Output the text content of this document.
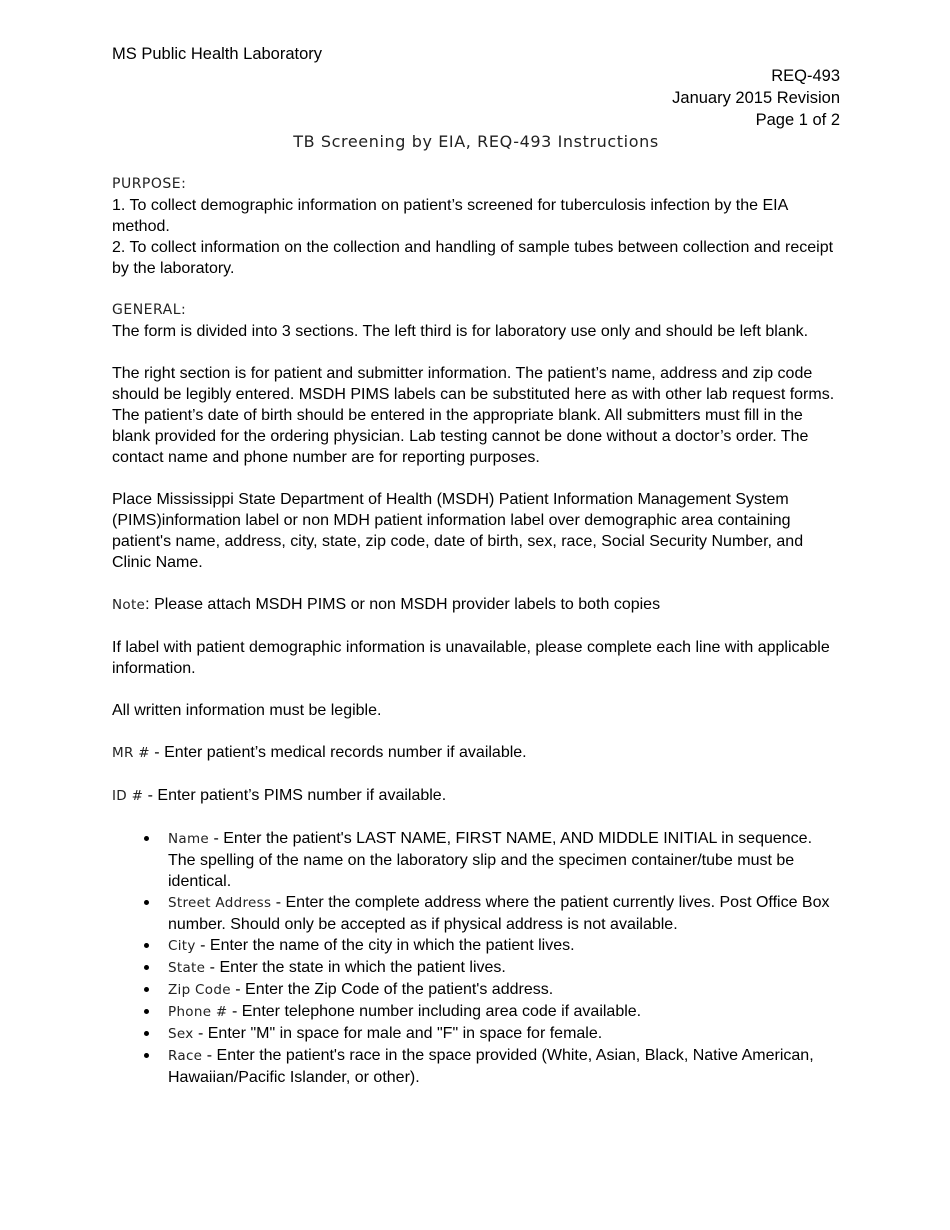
MS Public Health Laboratory
REQ-493
January 2015 Revision
Page 1 of 2
TB Screening by EIA, REQ-493 Instructions

PURPOSE:

1. To collect demographic information on patient’s screened for tuberculosis infection by the EIA method.

2. To collect information on the collection and handling of sample tubes between collection and receipt by the laboratory.

GENERAL:

The form is divided into 3 sections. The left third is for laboratory use only and should be left blank.

The right section is for patient and submitter information. The patient’s name, address and zip code should be legibly entered. MSDH PIMS labels can be substituted here as with other lab request forms. The patient’s date of birth should be entered in the appropriate blank. All submitters must fill in the blank provided for the ordering physician. Lab testing cannot be done without a doctor’s order. The contact name and phone number are for reporting purposes.

Place Mississippi State Department of Health (MSDH) Patient Information Management System (PIMS)information label or non MDH patient information label over demographic area containing patient's name, address, city, state, zip code, date of birth, sex, race, Social Security Number, and Clinic Name.

Note: Please attach MSDH PIMS or non MSDH provider labels to both copies

If label with patient demographic information is unavailable, please complete each line with applicable information.

All written information must be legible.

MR # - Enter patient’s medical records number if available.

ID # - Enter patient’s PIMS number if available.

Name - Enter the patient's LAST NAME, FIRST NAME, AND MIDDLE INITIAL in sequence. The spelling of the name on the laboratory slip and the specimen container/tube must be identical.
Street Address - Enter the complete address where the patient currently lives. Post Office Box number. Should only be accepted as if physical address is not available.
City - Enter the name of the city in which the patient lives.
State - Enter the state in which the patient lives.
Zip Code - Enter the Zip Code of the patient's address.
Phone # - Enter telephone number including area code if available.
Sex - Enter "M" in space for male and "F" in space for female.
Race - Enter the patient's race in the space provided (White, Asian, Black, Native American, Hawaiian/Pacific Islander, or other).
